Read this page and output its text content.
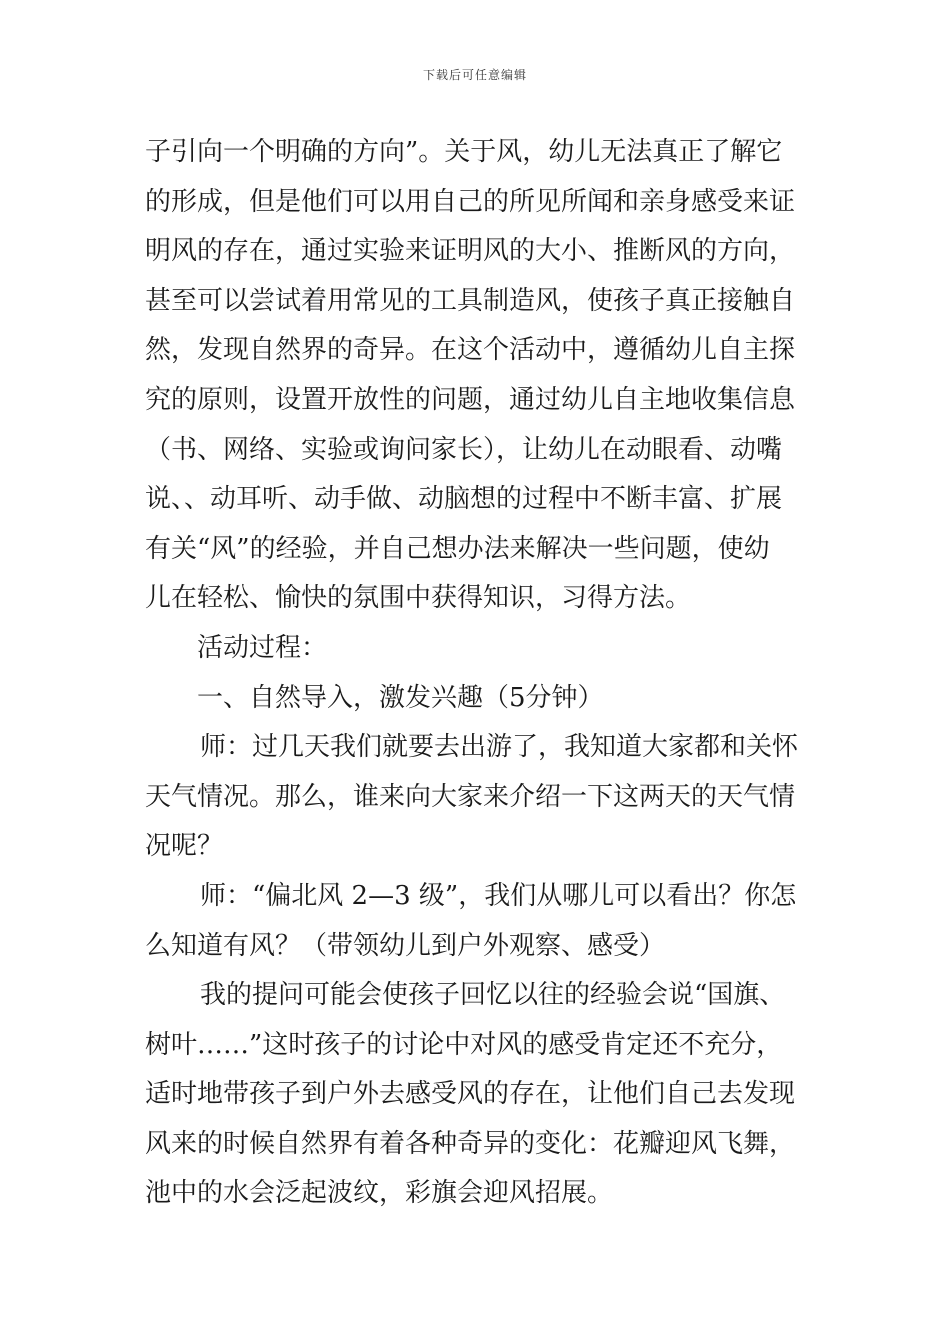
下载后可任意编辑
子引向一个明确的方向”。关于风，幼儿无法真正了解它
的形成，但是他们可以用自己的所见所闻和亲身感受来证
明风的存在，通过实验来证明风的大小、推断风的方向，
甚至可以尝试着用常见的工具制造风，使孩子真正接触自
然，发现自然界的奇异。在这个活动中，遵循幼儿自主探
究的原则，设置开放性的问题，通过幼儿自主地收集信息
（书、网络、实验或询问家长），让幼儿在动眼看、动嘴
说、、动耳听、动手做、动脑想的过程中不断丰富、扩展
有关“风”的经验，并自己想办法来解决一些问题，使幼
儿在轻松、愉快的氛围中获得知识，习得方法。
活动过程：
一、自然导入，激发兴趣（5分钟）
师：过几天我们就要去出游了，我知道大家都和关怀
天气情况。那么，谁来向大家来介绍一下这两天的天气情
况呢？
师：“偏北风 2—3 级”，我们从哪儿可以看出？你怎
么知道有风？（带领幼儿到户外观察、感受）
我的提问可能会使孩子回忆以往的经验会说“国旗、
树叶……”这时孩子的讨论中对风的感受肯定还不充分，
适时地带孩子到户外去感受风的存在，让他们自己去发现
风来的时候自然界有着各种奇异的变化：花瓣迎风飞舞，
池中的水会泛起波纹，彩旗会迎风招展。
